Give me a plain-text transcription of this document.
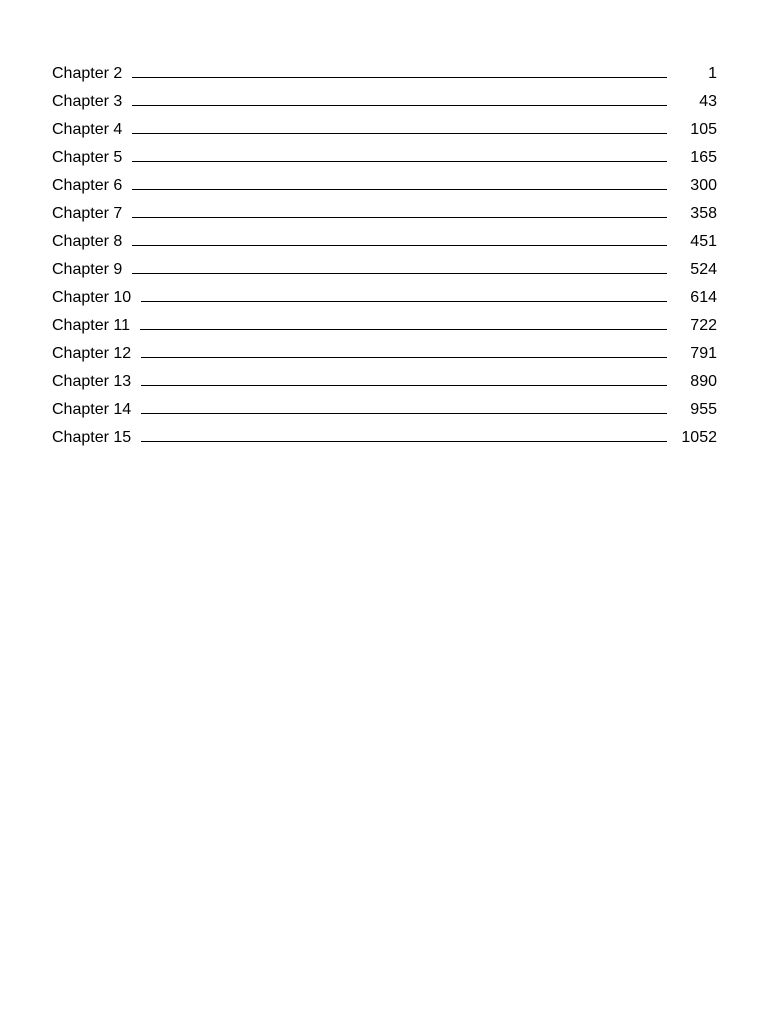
Chapter 2	1
Chapter 3	43
Chapter 4	105
Chapter 5	165
Chapter 6	300
Chapter 7	358
Chapter 8	451
Chapter 9	524
Chapter 10	614
Chapter 11	722
Chapter 12	791
Chapter 13	890
Chapter 14	955
Chapter 15	1052
